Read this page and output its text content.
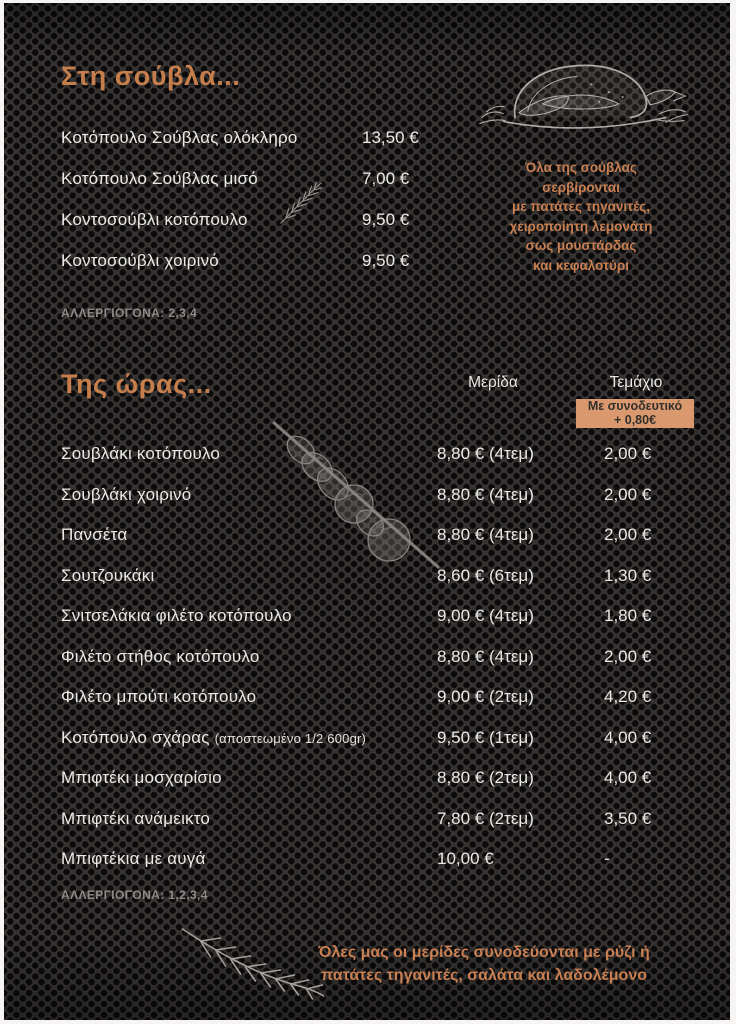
Στη σούβλα...
Κοτόπουλο Σούβλας ολόκληρο	13,50 €
Κοτόπουλο Σούβλας μισό	7,00 €
Κοντοσούβλι κοτόπουλο	9,50 €
Κοντοσούβλι χοιρινό	9,50 €
Όλα της σούβλας
σερβίρονται
με πατάτες τηγανιτές,
χειροποίητη λεμονάτη
σως μουστάρδας
και κεφαλοτύρι
ΑΛΛΕΡΓΙΟΓΟΝΑ: 2,3,4
Της ώρας...	Μερίδα	Τεμάχιο
Με συνοδευτικό
+ 0,80€
Σουβλάκι κοτόπουλο	8,80 € (4τεμ)	2,00 €
Σουβλάκι χοιρινό	8,80 € (4τεμ)	2,00 €
Πανσέτα	8,80 € (4τεμ)	2,00 €
Σουτζουκάκι	8,60 € (6τεμ)	1,30 €
Σνιτσελάκια φιλέτο κοτόπουλο	9,00 € (4τεμ)	1,80 €
Φιλέτο στήθος κοτόπουλο	8,80 € (4τεμ)	2,00 €
Φιλέτο μπούτι κοτόπουλο	9,00 € (2τεμ)	4,20 €
Κοτόπουλο σχάρας (αποστεωμένο 1/2 600gr)	9,50 € (1τεμ)	4,00 €
Μπιφτέκι μοσχαρίσιο	8,80 € (2τεμ)	4,00 €
Μπιφτέκι ανάμεικτο	7,80 € (2τεμ)	3,50 €
Μπιφτέκια με αυγά	10,00 €	-
ΑΛΛΕΡΓΙΟΓΟΝΑ: 1,2,3,4
Όλες μας οι μερίδες συνοδεύονται με ρύζι ή
πατάτες τηγανιτές, σαλάτα και λαδολέμονο
